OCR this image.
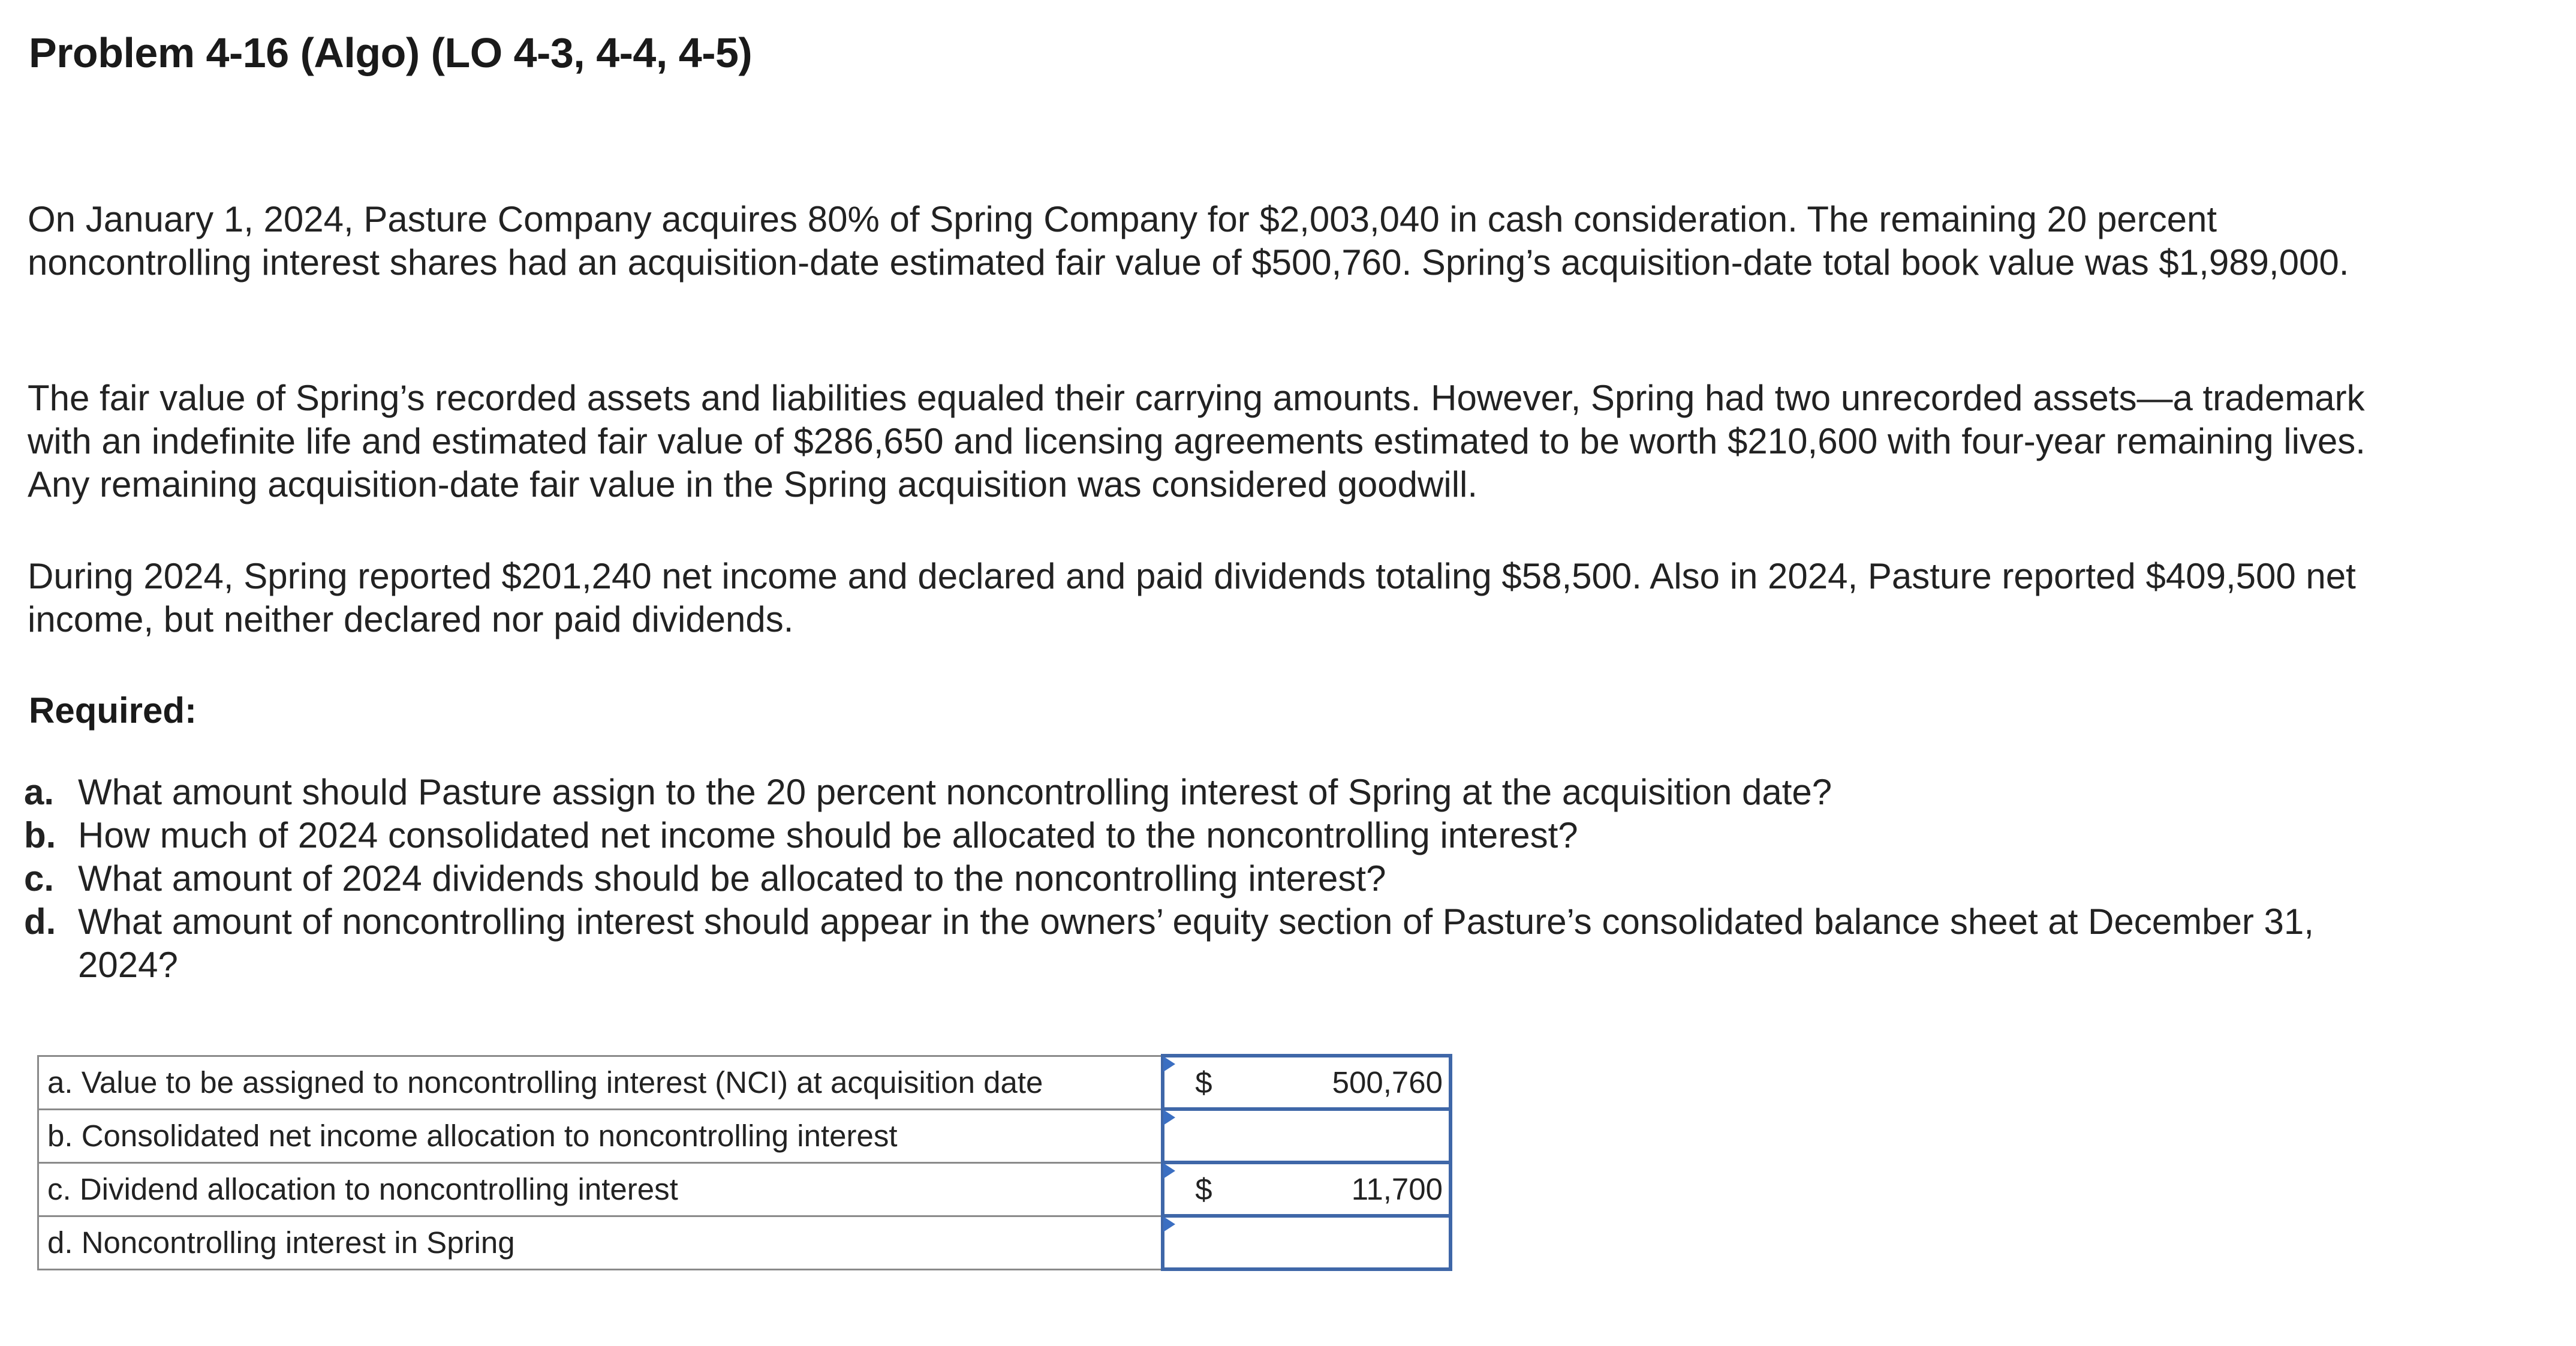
Problem 4-16 (Algo) (LO 4-3, 4-4, 4-5)

On January 1, 2024, Pasture Company acquires 80% of Spring Company for $2,003,040 in cash consideration. The remaining 20 percent noncontrolling interest shares had an acquisition-date estimated fair value of $500,760. Spring’s acquisition-date total book value was $1,989,000.

The fair value of Spring’s recorded assets and liabilities equaled their carrying amounts. However, Spring had two unrecorded assets—a trademark with an indefinite life and estimated fair value of $286,650 and licensing agreements estimated to be worth $210,600 with four-year remaining lives. Any remaining acquisition-date fair value in the Spring acquisition was considered goodwill.

During 2024, Spring reported $201,240 net income and declared and paid dividends totaling $58,500. Also in 2024, Pasture reported $409,500 net income, but neither declared nor paid dividends.

Required:
a. What amount should Pasture assign to the 20 percent noncontrolling interest of Spring at the acquisition date?
b. How much of 2024 consolidated net income should be allocated to the noncontrolling interest?
c. What amount of 2024 dividends should be allocated to the noncontrolling interest?
d. What amount of noncontrolling interest should appear in the owners’ equity section of Pasture’s consolidated balance sheet at December 31, 2024?
a. Value to be assigned to noncontrolling interest (NCI) at acquisition date	$ 500,760

b. Consolidated net income allocation to noncontrolling interest	

c. Dividend allocation to noncontrolling interest	$ 11,700

d. Noncontrolling interest in Spring	
